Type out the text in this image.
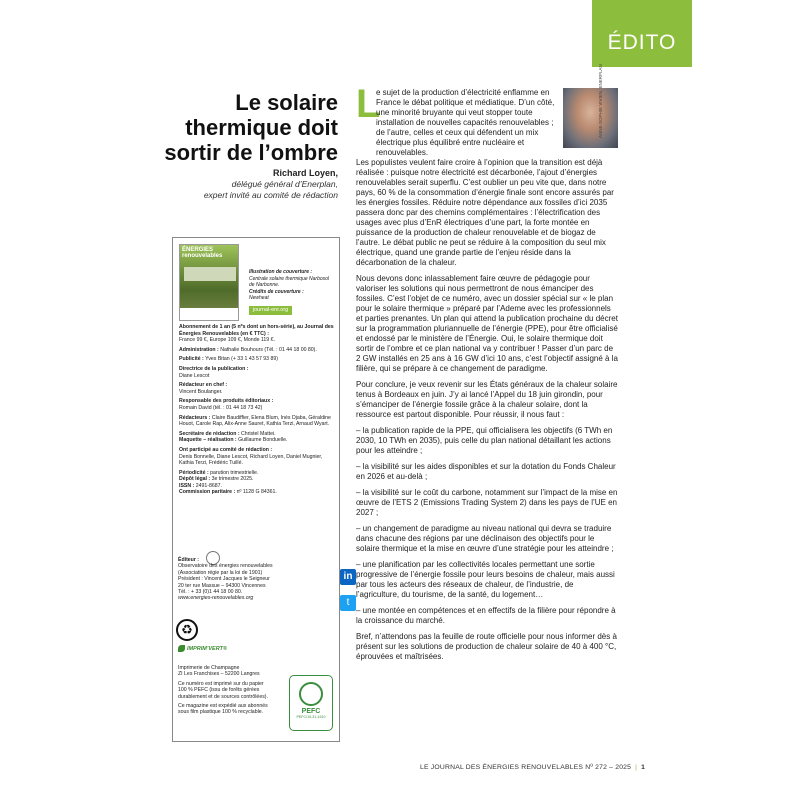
ÉDITO
Le solaire
thermique doit
sortir de l’ombre
Richard Loyen,
délégué général d’Enerplan,
expert invité au comité de rédaction
ÉNERGIES renouvelables
Illustration de couverture :
Centrale solaire thermique Narbosol de Narbonne.
Crédits de couverture :
Newheat
journal-enr.org

Abonnement de 1 an (5 nºs dont un hors-série), au Journal des Énergies Renouvelables (en € TTC) :
France 99 €, Europe 109 €, Monde 119 €.

Administration : Nathalie Bouhours (Tél. : 01 44 18 00 80).

Publicité : Yves Bitan (+ 33 1 43 57 93 89)

Directrice de la publication :
Diane Lescot

Rédacteur en chef :
Vincent Boulanger.

Responsable des produits éditoriaux :
Romain David (tél. : 01 44 18 73 42)

Rédacteurs : Claire Baudiffier, Elena Blum, Inès Djaba, Géraldine Houot, Carole Rap, Alix-Anne Sauret, Kathia Terzi, Arnaud Wyart.

Secrétaire de rédaction : Christel Mattei.
Maquette – réalisation : Guillaume Bonduelle.

Ont participé au comité de rédaction :
Denis Bonnelle, Diane Lescot, Richard Loyen, Daniel Mugnier, Kathia Terzi, Frédéric Tuillé.

Périodicité : parution trimestrielle.
Dépôt légal : 3e trimestre 2025.
ISSN : 2491-8687.
Commission paritaire : nº 1128 G 84361.

Éditeur :
Observatoire des énergies renouvelables
(Association régie par la loi de 1901)
Président : Vincent Jacques le Seigneur
20 ter rue Massue – 94300 Vincennes
Tél. : + 33 (0)1 44 18 00 80.
www.energies-renouvelables.org
in
t
♻
IMPRIM’VERT®

Imprimerie de Champagne
ZI Les Franchises – 52200 Langres

Ce numéro est imprimé sur du papier 100 % PEFC (issu de forêts gérées durablement et de sources contrôlées).

Ce magazine est expédié aux abonnés sous film plastique 100 % recyclable.	PEFC
PEFC/10-31-1510
ANNE-SOPHIE VIVIEN, ENERPLAN
L

e sujet de la production d’électricité enflamme en France le débat politique et médiatique. D’un côté, une minorité bruyante qui veut stopper toute installation de nouvelles capacités renouvelables ; de l’autre, celles et ceux qui défendent un mix électrique plus équilibré entre nucléaire et renouvelables.

Les populistes veulent faire croire à l’opinion que la transition est déjà réalisée : puisque notre électricité est décarbonée, l’ajout d’énergies renouvelables serait superflu. C’est oublier un peu vite que, dans notre pays, 60 % de la consommation d’énergie finale sont encore assurés par les énergies fossiles. Réduire notre dépendance aux fossiles d’ici 2035 passera donc par des chemins complémentaires : l’électrification des usages avec plus d’EnR électriques d’une part, la forte montée en puissance de la production de chaleur renouvelable et de biogaz de l’autre. Le débat public ne peut se réduire à la composition du seul mix électrique, quand une grande partie de l’enjeu réside dans la décarbonation de la chaleur.

Nous devons donc inlassablement faire œuvre de pédagogie pour valoriser les solutions qui nous permettront de nous émanciper des fossiles. C’est l’objet de ce numéro, avec un dossier spécial sur « le plan pour le solaire thermique » préparé par l’Ademe avec les professionnels et parties prenantes. Un plan qui attend la publication prochaine du décret sur la programmation pluriannuelle de l’énergie (PPE), pour être officialisé et endossé par le ministère de l’Énergie. Oui, le solaire thermique doit sortir de l’ombre et ce plan national va y contribuer ! Passer d’un parc de 2 GW installés en 25 ans à 16 GW d’ici 10 ans, c’est l’objectif assigné à la filière, qui se prépare à ce changement de paradigme.

Pour conclure, je veux revenir sur les États généraux de la chaleur solaire tenus à Bordeaux en juin. J’y ai lancé l’Appel du 18 juin girondin, pour s’émanciper de l’énergie fossile grâce à la chaleur solaire, dont la ressource est partout disponible. Pour réussir, il nous faut :

– la publication rapide de la PPE, qui officialisera les objectifs (6 TWh en 2030, 10 TWh en 2035), puis celle du plan national détaillant les actions pour les atteindre ;

– la visibilité sur les aides disponibles et sur la dotation du Fonds Chaleur en 2026 et au-delà ;

– la visibilité sur le coût du carbone, notamment sur l’impact de la mise en œuvre de l’ETS 2 (Emissions Trading System 2) dans les pays de l’UE en 2027 ;

– un changement de paradigme au niveau national qui devra se traduire dans chacune des régions par une déclinaison des objectifs pour le solaire thermique et la mise en œuvre d’une stratégie pour les atteindre ;

– une planification par les collectivités locales permettant une sortie progressive de l’énergie fossile pour leurs besoins de chaleur, mais aussi par tous les acteurs des réseaux de chaleur, de l’industrie, de l’agriculture, du tourisme, de la santé, du logement…

– une montée en compétences et en effectifs de la filière pour répondre à la croissance du marché.

Bref, n’attendons pas la feuille de route officielle pour nous informer dès à présent sur les solutions de production de chaleur solaire de 40 à 400 °C, éprouvées et maîtrisées.

LE JOURNAL DES ÉNERGIES RENOUVELABLES Nº 272 – 2025 | 1
